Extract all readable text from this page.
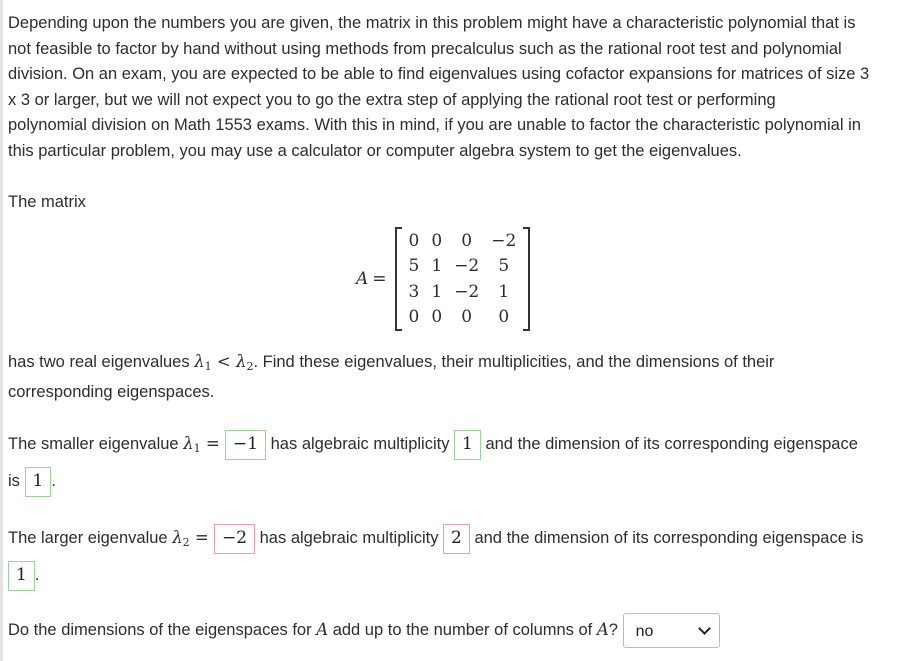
Depending upon the numbers you are given, the matrix in this problem might have a characteristic polynomial that is
not feasible to factor by hand without using methods from precalculus such as the rational root test and polynomial
division. On an exam, you are expected to be able to find eigenvalues using cofactor expansions for matrices of size 3
x 3 or larger, but we will not expect you to go the extra step of applying the rational root test or performing
polynomial division on Math 1553 exams. With this in mind, if you are unable to factor the characteristic polynomial in
this particular problem, you may use a calculator or computer algebra system to get the eigenvalues.

The matrix

A =
0	0	0	−2
5	1	−2	5
3	1	−2	1
0	0	0	0

has two real eigenvalues $\lambda_1 < \lambda_2$. Find these eigenvalues, their multiplicities, and the dimensions of their
corresponding eigenspaces.

The smaller eigenvalue $\lambda_1 = -1$ has algebraic multiplicity 1 and the dimension of its corresponding eigenspace
is 1 .

The larger eigenvalue $\lambda_2 = -2$ has algebraic multiplicity 2 and the dimension of its corresponding eigenspace is
1 .

Do the dimensions of the eigenspaces for A add up to the number of columns of A? no
